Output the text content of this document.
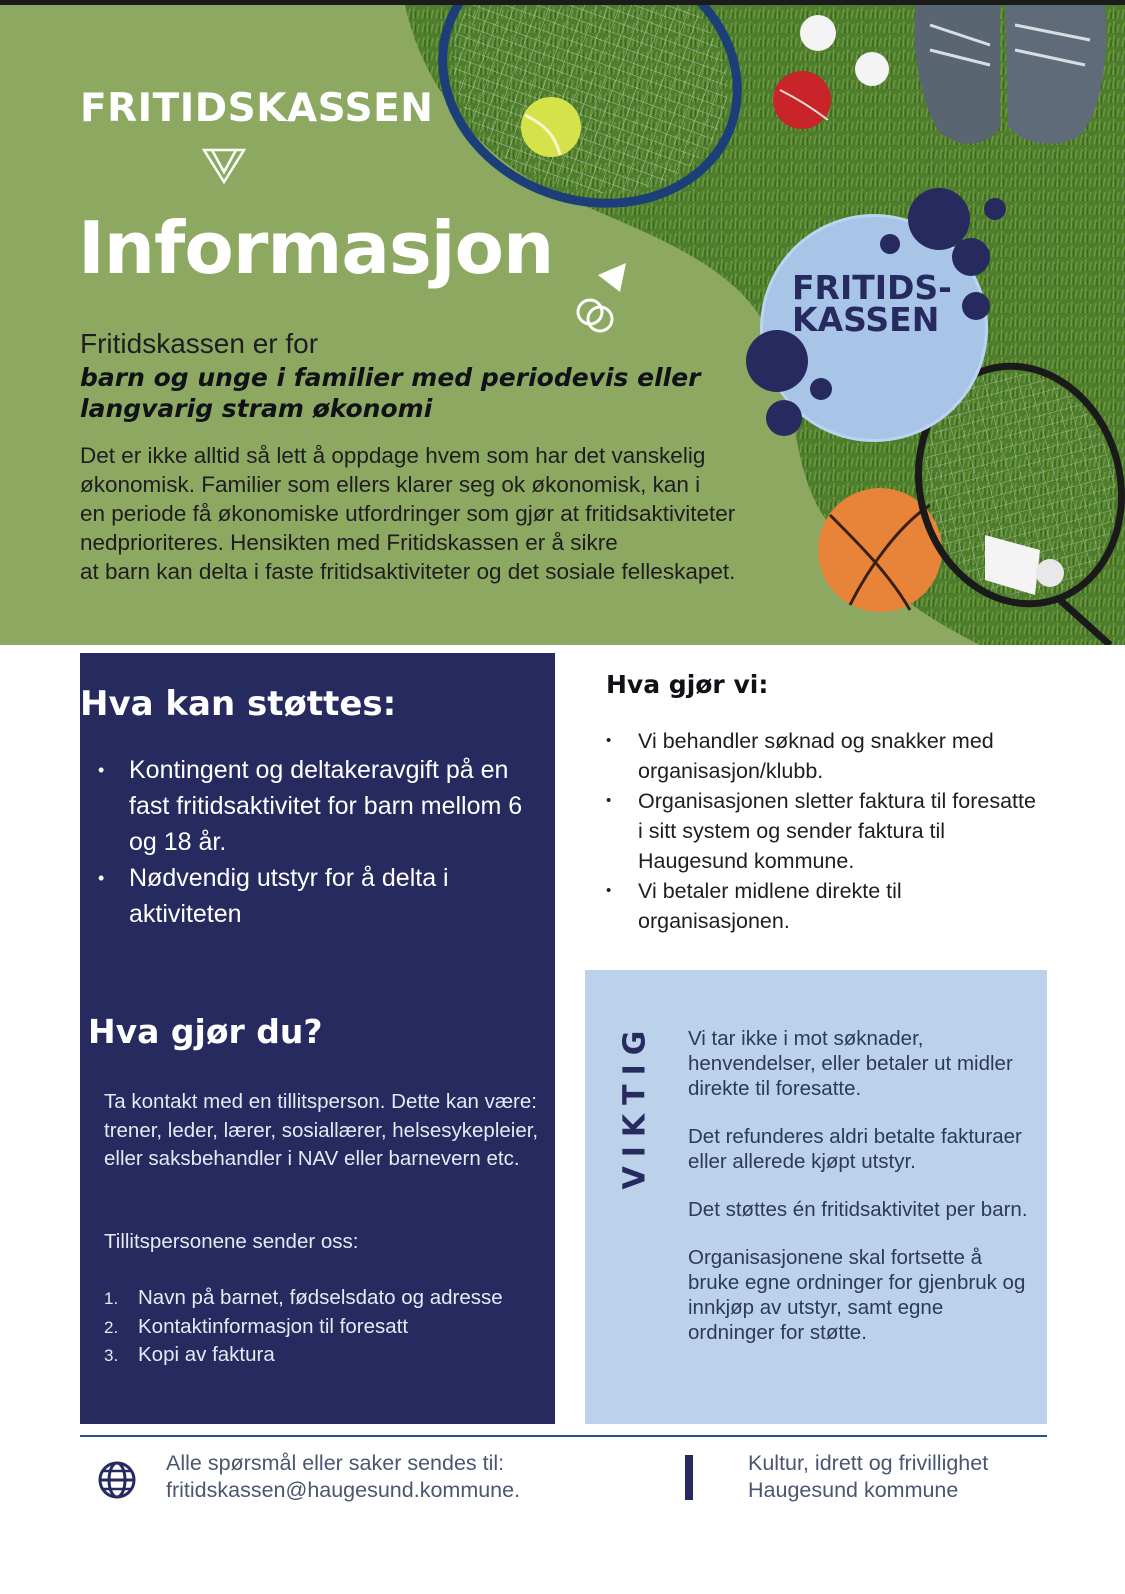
FRITIDSKASSEN
Informasjon

Fritidskassen er for

barn og unge i familier med periodevis eller langvarig stram økonomi

Det er ikke alltid så lett å oppdage hvem som har det vanskelig
økonomisk. Familier som ellers klarer seg ok økonomisk, kan i
en periode få økonomiske utfordringer som gjør at fritidsaktiviteter
nedprioriteres. Hensikten med Fritidskassen er å sikre
at barn kan delta i faste fritidsaktiviteter og det sosiale felleskapet.

FRITIDS-
KASSEN

Hva kan støttes:
• Kontingent og deltakeravgift på en fast fritidsaktivitet for barn mellom 6 og 18 år.
• Nødvendig utstyr for å delta i aktiviteten
Hva gjør du?

Ta kontakt med en tillitsperson. Dette kan være: trener, leder, lærer, sosiallærer, helsesykepleier, eller saksbehandler i NAV eller barnevern etc.

Tillitspersonene sender oss:

1. Navn på barnet, fødselsdato og adresse
2. Kontaktinformasjon til foresatt
3. Kopi av faktura
Hva gjør vi:
• Vi behandler søknad og snakker med organisasjon/klubb.
• Organisasjonen sletter faktura til foresatte i sitt system og sender faktura til Haugesund kommune.
• Vi betaler midlene direkte til organisasjonen.
VIKTIG Vi tar ikke i mot søknader, henvendelser, eller betaler ut midler direkte til foresatte.

Det refunderes aldri betalte fakturaer eller allerede kjøpt utstyr.

Det støttes én fritidsaktivitet per barn.

Organisasjonene skal fortsette å bruke egne ordninger for gjenbruk og innkjøp av utstyr, samt egne ordninger for støtte.

Alle spørsmål eller saker sendes til:
fritidskassen@haugesund.kommune.
Kultur, idrett og frivillighet
Haugesund kommune
